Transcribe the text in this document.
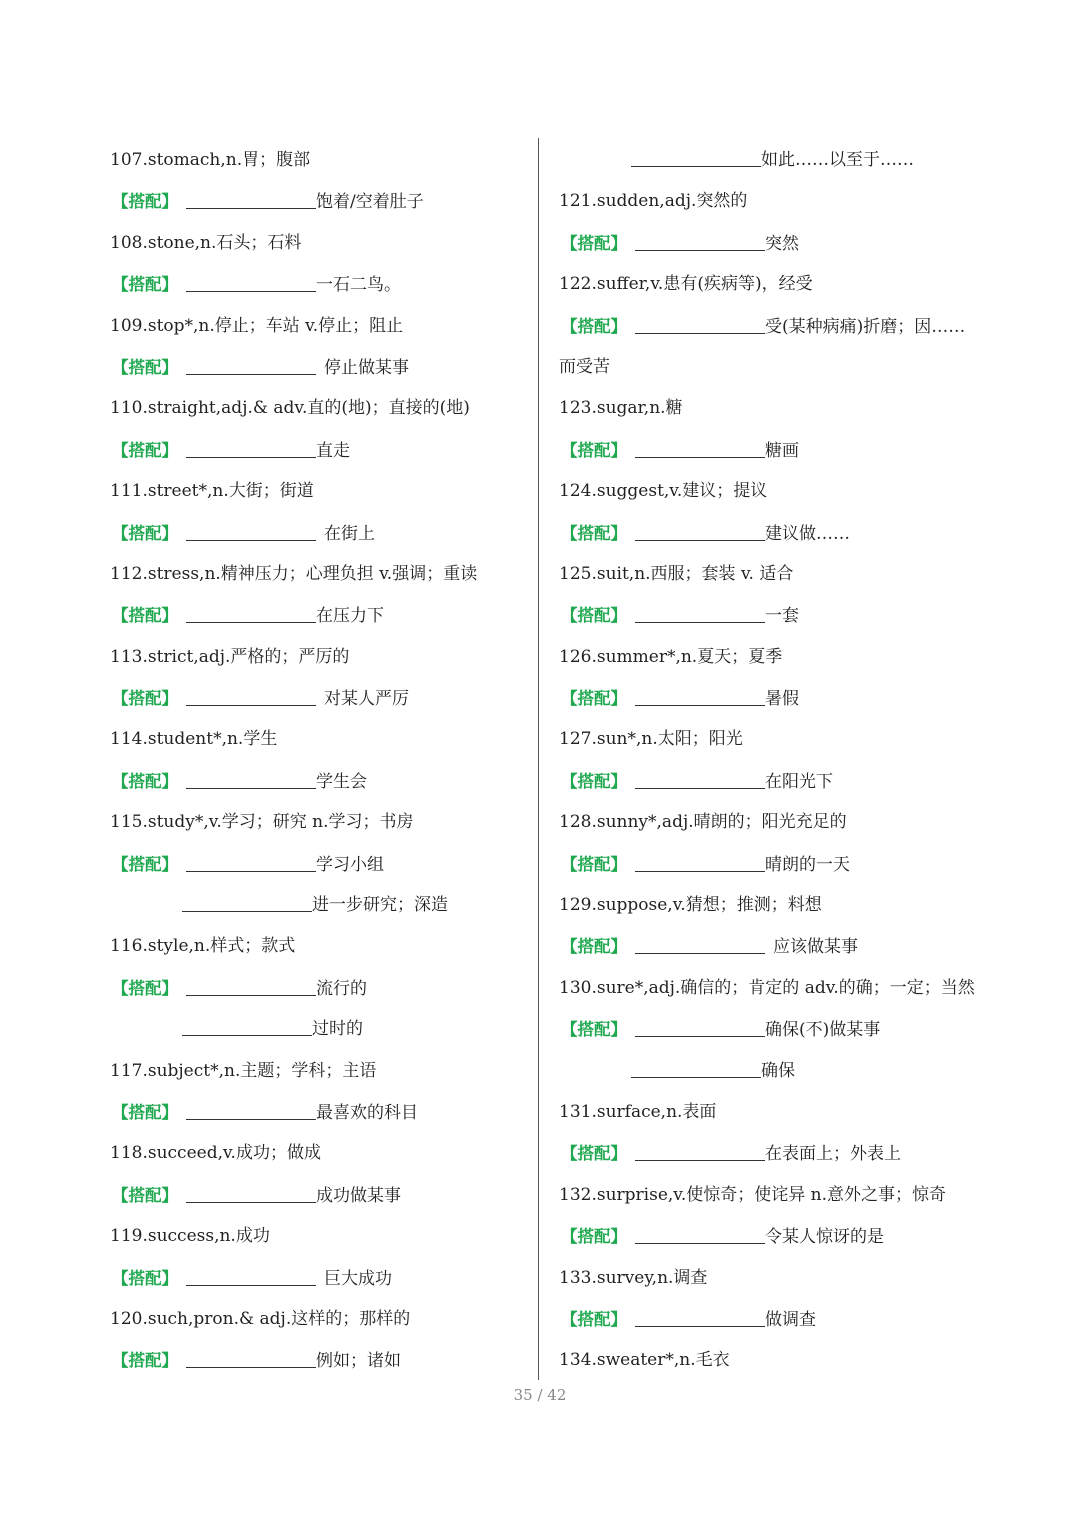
107.stomach,n.胃；腹部
【搭配】	饱着/空着肚子
108.stone,n.石头；石料
【搭配】	一石二鸟。
109.stop*,n.停止；车站 v.停止；阻止
【搭配】	停止做某事
110.straight,adj.& adv.直的(地)；直接的(地)
【搭配】	直走
111.street*,n.大街；街道
【搭配】	在街上
112.stress,n.精神压力；心理负担 v.强调；重读
【搭配】	在压力下
113.strict,adj.严格的；严厉的
【搭配】	对某人严厉
114.student*,n.学生
【搭配】	学生会
115.study*,v.学习；研究 n.学习；书房
【搭配】	学习小组
进一步研究；深造
116.style,n.样式；款式
【搭配】	流行的
过时的
117.subject*,n.主题；学科；主语
【搭配】	最喜欢的科目
118.succeed,v.成功；做成
【搭配】	成功做某事
119.success,n.成功
【搭配】	巨大成功
120.such,pron.& adj.这样的；那样的
【搭配】	例如；诸如
如此……以至于……
121.sudden,adj.突然的
【搭配】	突然
122.suffer,v.患有(疾病等)，经受
【搭配】	受(某种病痛)折磨；因……
而受苦
123.sugar,n.糖
【搭配】	糖画
124.suggest,v.建议；提议
【搭配】	建议做……
125.suit,n.西服；套装 v. 适合
【搭配】	一套
126.summer*,n.夏天；夏季
【搭配】	暑假
127.sun*,n.太阳；阳光
【搭配】	在阳光下
128.sunny*,adj.晴朗的；阳光充足的
【搭配】	晴朗的一天
129.suppose,v.猜想；推测；料想
【搭配】	应该做某事
130.sure*,adj.确信的；肯定的 adv.的确；一定；当然
【搭配】	确保(不)做某事
确保
131.surface,n.表面
【搭配】	在表面上；外表上
132.surprise,v.使惊奇；使诧异 n.意外之事；惊奇
【搭配】	令某人惊讶的是
133.survey,n.调查
【搭配】	做调查
134.sweater*,n.毛衣
35 / 42
